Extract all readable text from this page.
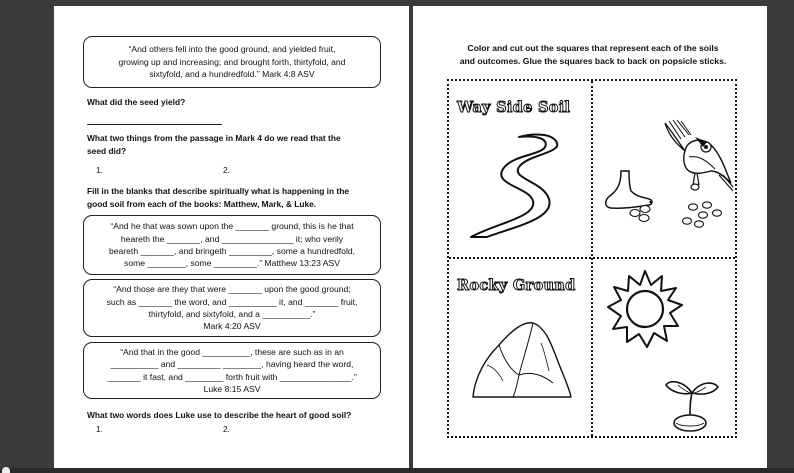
“And others fell into the good ground, and yielded fruit,
growing up and increasing; and brought forth, thirtyfold, and
sixtyfold, and a hundredfold.” Mark 4:8 ASV
What did the seed yield?
What two things from the passage in Mark 4 do we read that the
seed did?
1.	2.
Fill in the blanks that describe spiritually what is happening in the
good soil from each of the books: Matthew, Mark, & Luke.
“And he that was sown upon the _______ ground, this is he that
heareth the _______, and _______________ it; who verily
beareth _______, and bringeth _________, some a hundredfold,
some ________, some _________.” Matthew 13:23 ASV
“And those are they that were _______ upon the good ground;
such as _______ the word, and __________ it, and _______ fruit,
thirtyfold, and sixtyfold, and a __________.”
Mark 4:20 ASV
“And that in the good __________, these are such as in an
__________ and _________ ________, having heard the word,
_______ it fast, and ________ forth fruit with _______________.”
Luke 8:15 ASV
What two words does Luke use to describe the heart of good soil?
1.	2.
Color and cut out the squares that represent each of the soils
and outcomes. Glue the squares back to back on popsicle sticks.
Way Side Soil
Rocky Ground
